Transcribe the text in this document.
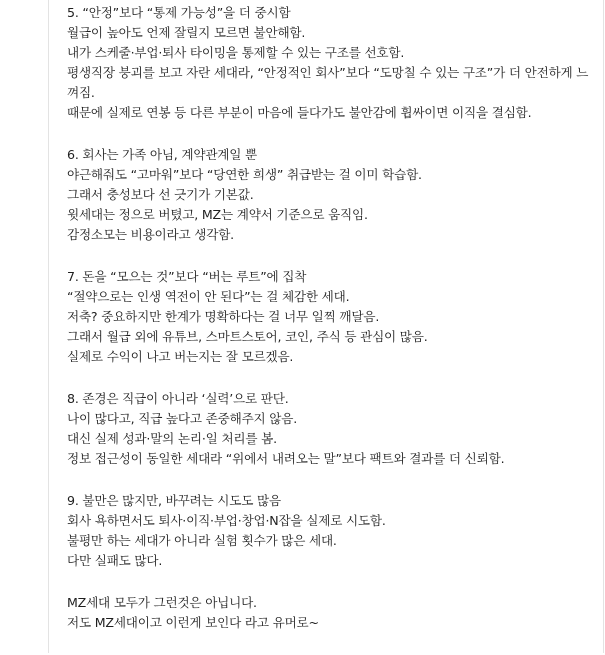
5. “안정”보다 “통제 가능성”을 더 중시함
월급이 높아도 언제 잘릴지 모르면 불안해함.
내가 스케줄·부업·퇴사 타이밍을 통제할 수 있는 구조를 선호함.
평생직장 붕괴를 보고 자란 세대라, “안정적인 회사”보다 “도망칠 수 있는 구조”가 더 안전하게 느껴짐.
때문에 실제로 연봉 등 다른 부분이 마음에 들다가도 불안감에 휩싸이면 이직을 결심함.
6. 회사는 가족 아님, 계약관계일 뿐
야근해줘도 “고마워”보다 “당연한 희생” 취급받는 걸 이미 학습함.
그래서 충성보다 선 긋기가 기본값.
윗세대는 정으로 버텼고, MZ는 계약서 기준으로 움직임.
감정소모는 비용이라고 생각함.
7. 돈을 “모으는 것”보다 “버는 루트”에 집착
“절약으로는 인생 역전이 안 된다”는 걸 체감한 세대.
저축? 중요하지만 한계가 명확하다는 걸 너무 일찍 깨달음.
그래서 월급 외에 유튜브, 스마트스토어, 코인, 주식 등 관심이 많음.
실제로 수익이 나고 버는지는 잘 모르겠음.
8. 존경은 직급이 아니라 ‘실력’으로 판단.
나이 많다고, 직급 높다고 존중해주지 않음.
대신 실제 성과·말의 논리·일 처리를 봄.
정보 접근성이 동일한 세대라 “위에서 내려오는 말”보다 팩트와 결과를 더 신뢰함.
9. 불만은 많지만, 바꾸려는 시도도 많음
회사 욕하면서도 퇴사·이직·부업·창업·N잡을 실제로 시도함.
불평만 하는 세대가 아니라 실험 횟수가 많은 세대.
다만 실패도 많다.
MZ세대 모두가 그런것은 아닙니다.
저도 MZ세대이고 이런게 보인다 라고 유머로~
